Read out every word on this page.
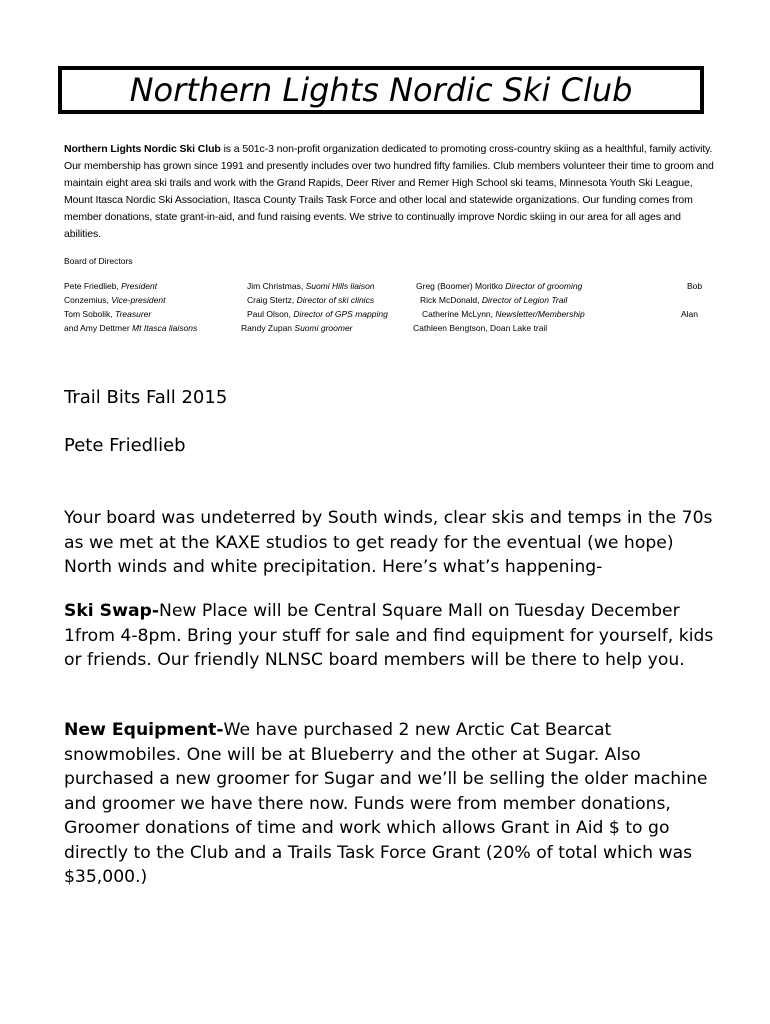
Northern Lights Nordic Ski Club
Northern Lights Nordic Ski Club is a 501c-3 non-profit organization dedicated to promoting cross-country skiing as a healthful, family activity. Our membership has grown since 1991 and presently includes over two hundred fifty families. Club members volunteer their time to groom and maintain eight area ski trails and work with the Grand Rapids, Deer River and Remer High School ski teams, Minnesota Youth Ski League, Mount Itasca Nordic Ski Association, Itasca County Trails Task Force and other local and statewide organizations. Our funding comes from member donations, state grant-in-aid, and fund raising events. We strive to continually improve Nordic skiing in our area for all ages and abilities.
Board of Directors
Pete Friedlieb, President	Jim Christmas, Suomi Hills liaison	Greg (Boomer) Moritko Director of grooming	Bob
Conzemius, Vice-president	Craig Stertz, Director of ski clinics	Rick McDonald, Director of Legion Trail
Tom Sobolik, Treasurer	Paul Olson, Director of GPS mapping	Catherine McLynn, Newsletter/Membership	Alan
and Amy Dettmer Mt Itasca liaisons	Randy Zupan Suomi groomer	Cathleen Bengtson, Doan Lake trail
Trail Bits Fall 2015
Pete Friedlieb
Your board was undeterred by South winds, clear skis and temps in the 70s as we met at the KAXE studios to get ready for the eventual (we hope) North winds and white precipitation. Here’s what’s happening-
Ski Swap-New Place will be Central Square Mall on Tuesday December 1from 4-8pm. Bring your stuff for sale and find equipment for yourself, kids or friends. Our friendly NLNSC board members will be there to help you.
New Equipment-We have purchased 2 new Arctic Cat Bearcat snowmobiles. One will be at Blueberry and the other at Sugar. Also purchased a new groomer for Sugar and we’ll be selling the older machine and groomer we have there now. Funds were from member donations, Groomer donations of time and work which allows Grant in Aid $ to go directly to the Club and a Trails Task Force Grant (20% of total which was $35,000.)
